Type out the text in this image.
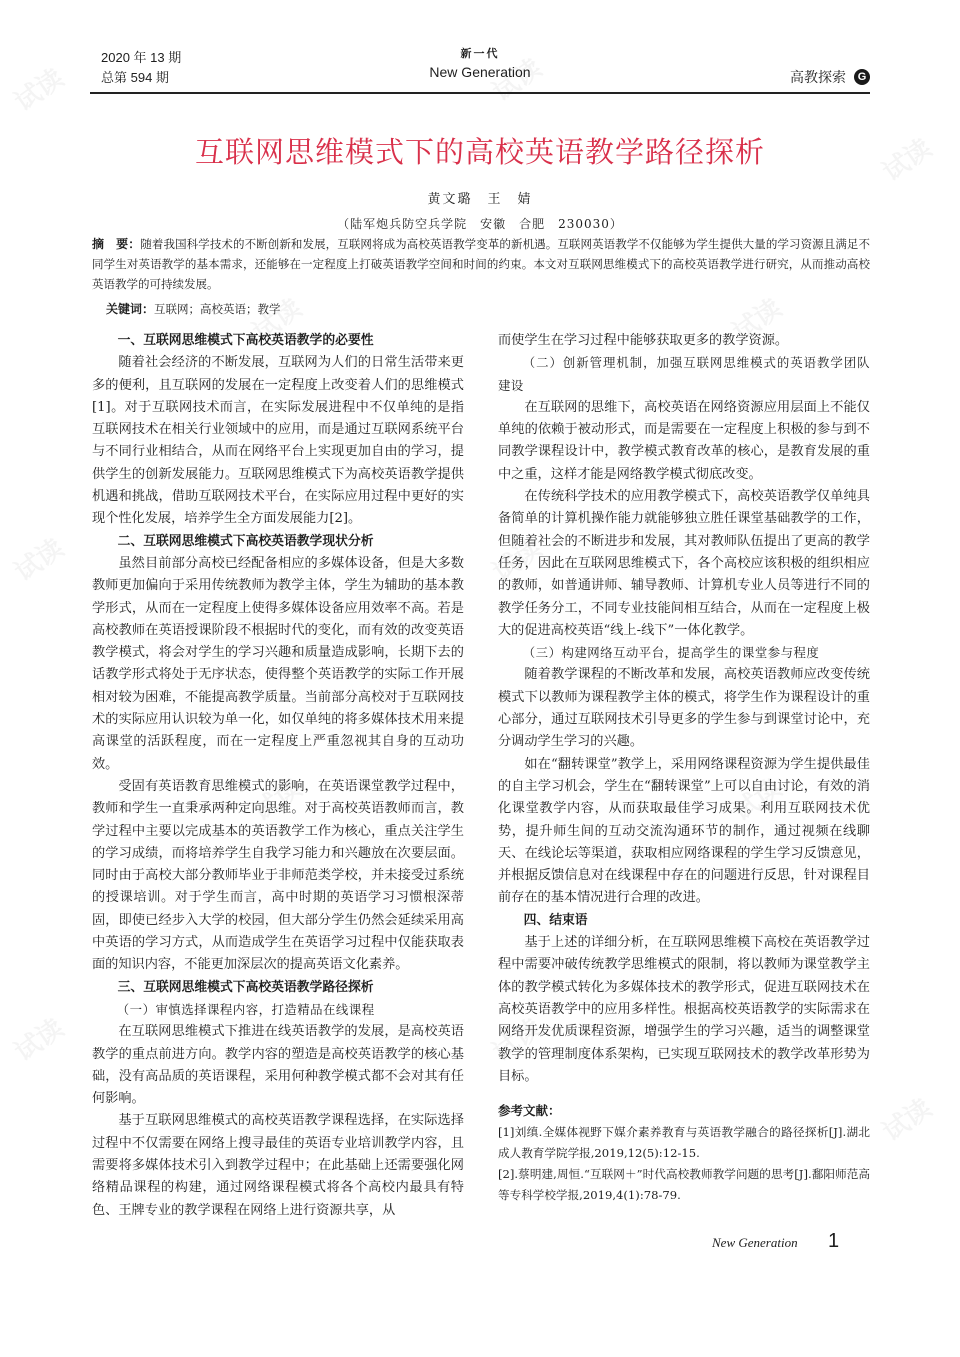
2020 年 13 期
总第 594 期
新一代
New Generation	高教探索	G
互联网思维模式下的高校英语教学路径探析
黄文璐　王　婧
（陆军炮兵防空兵学院　安徽　合肥　230030）
摘　要：随着我国科学技术的不断创新和发展，互联网将成为高校英语教学变革的新机遇。互联网英语教学不仅能够为学生提供大量的学习资源且满足不同学生对英语教学的基本需求，还能够在一定程度上打破英语教学空间和时间的约束。本文对互联网思维模式下的高校英语教学进行研究，从而推动高校英语教学的可持续发展。
关键词：互联网；高校英语；教学

一、互联网思维模式下高校英语教学的必要性

随着社会经济的不断发展，互联网为人们的日常生活带来更多的便利，且互联网的发展在一定程度上改变着人们的思维模式[1]。对于互联网技术而言，在实际发展进程中不仅单纯的是指互联网技术在相关行业领域中的应用，而是通过互联网系统平台与不同行业相结合，从而在网络平台上实现更加自由的学习，提供学生的创新发展能力。互联网思维模式下为高校英语教学提供机遇和挑战，借助互联网技术平台，在实际应用过程中更好的实现个性化发展，培养学生全方面发展能力[2]。

二、互联网思维模式下高校英语教学现状分析

虽然目前部分高校已经配备相应的多媒体设备，但是大多数教师更加偏向于采用传统教师为教学主体，学生为辅助的基本教学形式，从而在一定程度上使得多媒体设备应用效率不高。若是高校教师在英语授课阶段不根据时代的变化，而有效的改变英语教学模式，将会对学生的学习兴趣和质量造成影响，长期下去的话教学形式将处于无序状态，使得整个英语教学的实际工作开展相对较为困难，不能提高教学质量。当前部分高校对于互联网技术的实际应用认识较为单一化，如仅单纯的将多媒体技术用来提高课堂的活跃程度，而在一定程度上严重忽视其自身的互动功效。

受固有英语教育思维模式的影响，在英语课堂教学过程中，教师和学生一直秉承两种定向思维。对于高校英语教师而言，教学过程中主要以完成基本的英语教学工作为核心，重点关注学生的学习成绩，而将培养学生自我学习能力和兴趣放在次要层面。同时由于高校大部分教师毕业于非师范类学校，并未接受过系统的授课培训。对于学生而言，高中时期的英语学习习惯根深蒂固，即使已经步入大学的校园，但大部分学生仍然会延续采用高中英语的学习方式，从而造成学生在英语学习过程中仅能获取表面的知识内容，不能更加深层次的提高英语文化素养。

三、互联网思维模式下高校英语教学路径探析

（一）审慎选择课程内容，打造精品在线课程

在互联网思维模式下推进在线英语教学的发展，是高校英语教学的重点前进方向。教学内容的塑造是高校英语教学的核心基础，没有高品质的英语课程，采用何种教学模式都不会对其有任何影响。

基于互联网思维模式的高校英语教学课程选择，在实际选择过程中不仅需要在网络上搜寻最佳的英语专业培训教学内容，且需要将多媒体技术引入到教学过程中；在此基础上还需要强化网络精品课程的构建，通过网络课程模式将各个高校内最具有特色、王牌专业的教学课程在网络上进行资源共享，从

而使学生在学习过程中能够获取更多的教学资源。

（二）创新管理机制，加强互联网思维模式的英语教学团队建设

在互联网的思维下，高校英语在网络资源应用层面上不能仅单纯的依赖于被动形式，而是需要在一定程度上积极的参与到不同教学课程设计中，教学模式教育改革的核心，是教育发展的重中之重，这样才能是网络教学模式彻底改变。

在传统科学技术的应用教学模式下，高校英语教学仅单纯具备简单的计算机操作能力就能够独立胜任课堂基础教学的工作，但随着社会的不断进步和发展，其对教师队伍提出了更高的教学任务，因此在互联网思维模式下，各个高校应该积极的组织相应的教师，如普通讲师、辅导教师、计算机专业人员等进行不同的教学任务分工，不同专业技能间相互结合，从而在一定程度上极大的促进高校英语“线上-线下”一体化教学。

（三）构建网络互动平台，提高学生的课堂参与程度

随着教学课程的不断改革和发展，高校英语教师应改变传统模式下以教师为课程教学主体的模式，将学生作为课程设计的重心部分，通过互联网技术引导更多的学生参与到课堂讨论中，充分调动学生学习的兴趣。

如在“翻转课堂”教学上，采用网络课程资源为学生提供最佳的自主学习机会，学生在“翻转课堂”上可以自由讨论，有效的消化课堂教学内容，从而获取最佳学习成果。利用互联网技术优势，提升师生间的互动交流沟通环节的制作，通过视频在线聊天、在线论坛等渠道，获取相应网络课程的学生学习反馈意见，并根据反馈信息对在线课程中存在的问题进行反思，针对课程目前存在的基本情况进行合理的改进。

四、结束语

基于上述的详细分析，在互联网思维模下高校在英语教学过程中需要冲破传统教学思维模式的限制，将以教师为课堂教学主体的教学模式转化为多媒体技术的教学形式，促进互联网技术在高校英语教学中的应用多样性。根据高校英语教学的实际需求在网络开发优质课程资源，增强学生的学习兴趣，适当的调整课堂教学的管理制度体系架构，已实现互联网技术的教学改革形势为目标。

参考文献：

[1]刘缜.全媒体视野下媒介素养教育与英语教学融合的路径探析[J].湖北成人教育学院学报,2019,12(5):12-15.

[2].蔡明建,周恒.“互联网＋”时代高校教师教学问题的思考[J].鄱阳师范高等专科学校学报,2019,4(1):78-79.

New Generation 1
